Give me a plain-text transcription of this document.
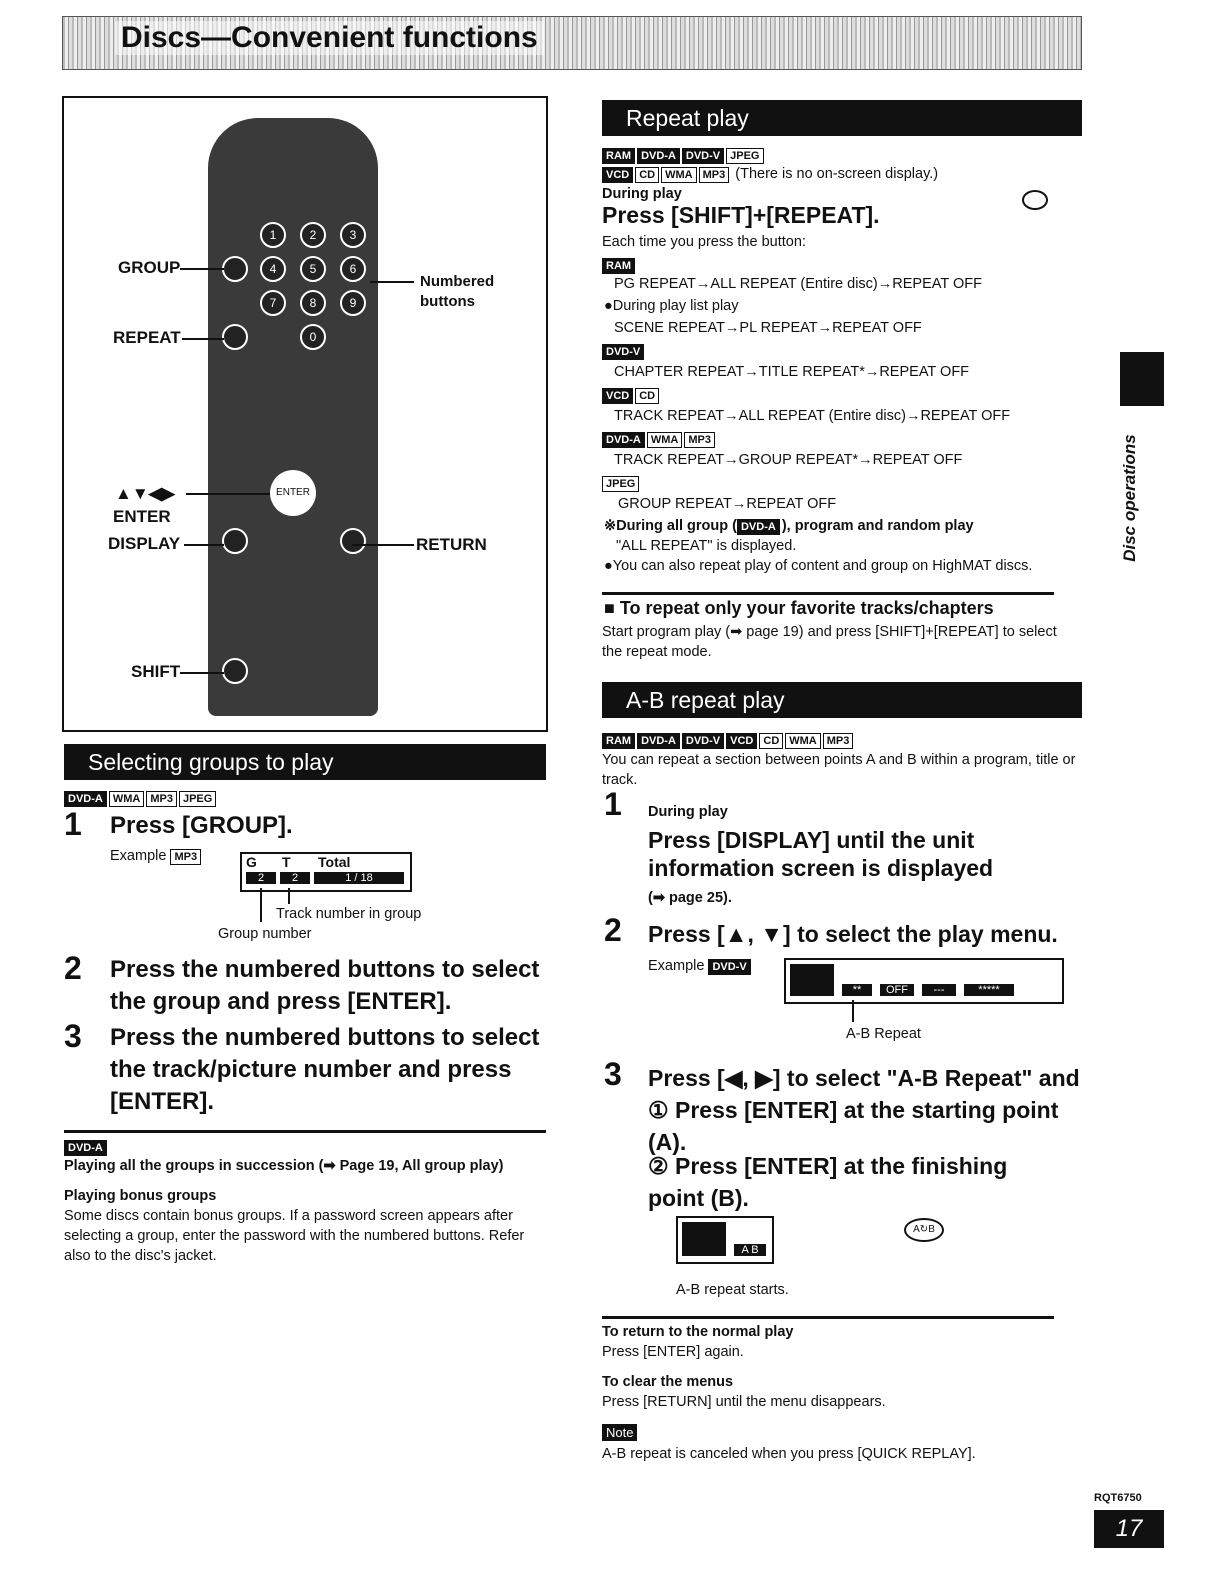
Discs—Convenient functions
1	2	3
4	5	6
7	8	9
0
ENTER
GROUP
REPEAT
▲▼◀▶
ENTER
DISPLAY
SHIFT
Numbered buttons
RETURN
Selecting groups to play
DVD-A WMA MP3 JPEG
1 Press [GROUP].
Example MP3	G T Total
2	2	1 / 18
Track number in group
Group number
2 Press the numbered buttons to select the group and press [ENTER].
3 Press the numbered buttons to select the track/picture number and press [ENTER].
DVD-A
Playing all the groups in succession (➡ Page 19, All group play)
Playing bonus groups
Some discs contain bonus groups. If a password screen appears after selecting a group, enter the password with the numbered buttons. Refer also to the disc's jacket.
Repeat play
RAM DVD-A DVD-V JPEG
VCD CD WMA MP3 (There is no on-screen display.)
During play
Press [SHIFT]+[REPEAT].
Each time you press the button:
RAM
PG REPEAT→ALL REPEAT (Entire disc)→REPEAT OFF
●During play list play
SCENE REPEAT→PL REPEAT→REPEAT OFF
DVD-V
CHAPTER REPEAT→TITLE REPEAT*→REPEAT OFF
VCD CD
TRACK REPEAT→ALL REPEAT (Entire disc)→REPEAT OFF
DVD-A WMA MP3
TRACK REPEAT→GROUP REPEAT*→REPEAT OFF
JPEG
GROUP REPEAT→REPEAT OFF
※During all group ( DVD-A ), program and random play
"ALL REPEAT" is displayed.
●You can also repeat play of content and group on HighMAT discs.
■ To repeat only your favorite tracks/chapters
Start program play (➡ page 19) and press [SHIFT]+[REPEAT] to select the repeat mode.
A-B repeat play
RAM DVD-A DVD-V VCD CD WMA MP3
You can repeat a section between points A and B within a program, title or track.
1 During play
Press [DISPLAY] until the unit information screen is displayed
(➡ page 25).
2 Press [▲, ▼] to select the play menu.
Example DVD-V
**	OFF	---	*****
A-B Repeat
3 Press [◀, ▶] to select "A-B Repeat" and
① Press [ENTER] at the starting point (A).
② Press [ENTER] at the finishing point (B).
A B
A↻B
A-B repeat starts.
To return to the normal play
Press [ENTER] again.
To clear the menus
Press [RETURN] until the menu disappears.
Note
A-B repeat is canceled when you press [QUICK REPLAY].
Disc operations
RQT6750
17
